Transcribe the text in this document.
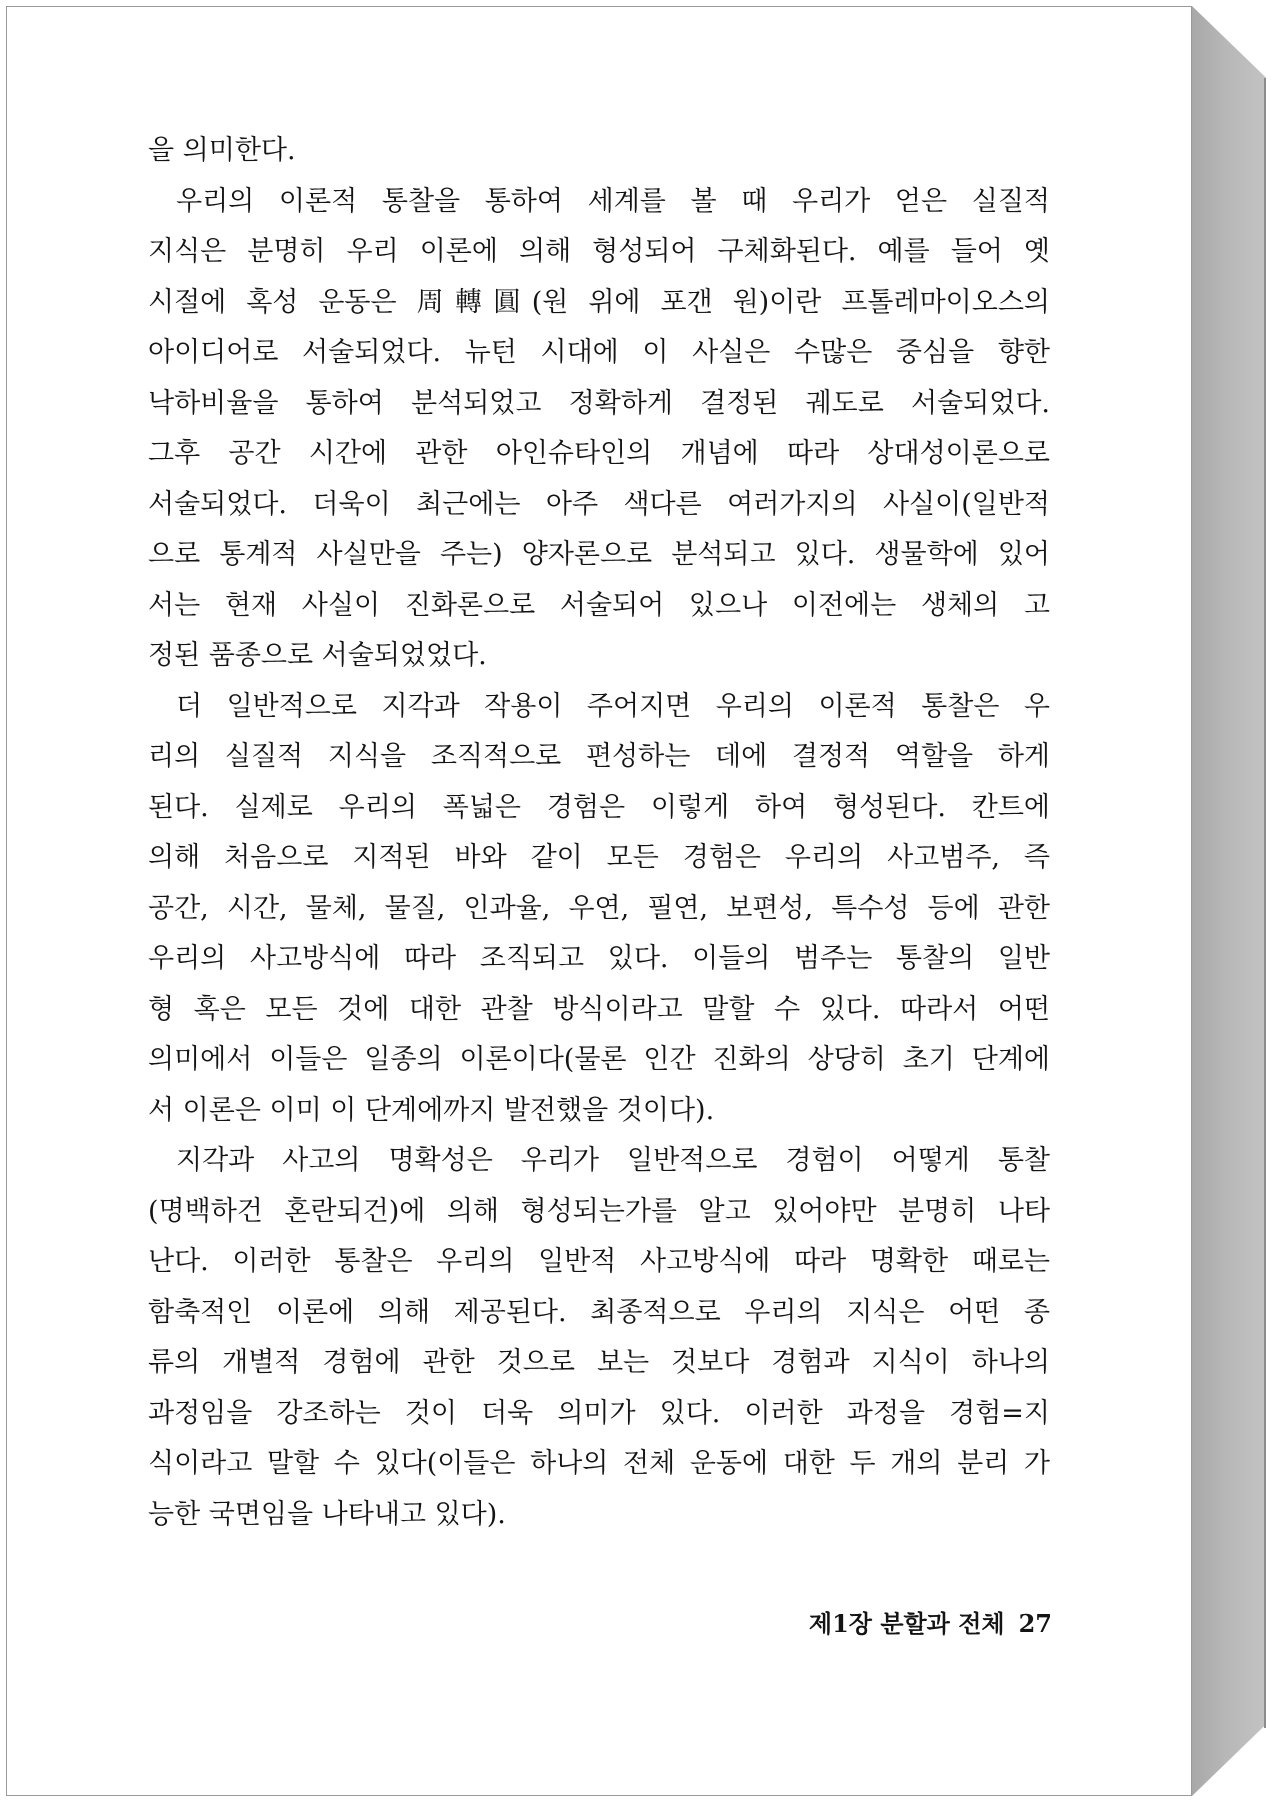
을 의미한다.
우리의 이론적 통찰을 통하여 세계를 볼 때 우리가 얻은 실질적
지식은 분명히 우리 이론에 의해 형성되어 구체화된다. 예를 들어 옛
시절에 혹성 운동은 周轉圓(원 위에 포갠 원)이란 프톨레마이오스의
아이디어로 서술되었다. 뉴턴 시대에 이 사실은 수많은 중심을 향한
낙하비율을 통하여 분석되었고 정확하게 결정된 궤도로 서술되었다.
그후 공간 시간에 관한 아인슈타인의 개념에 따라 상대성이론으로
서술되었다. 더욱이 최근에는 아주 색다른 여러가지의 사실이(일반적
으로 통계적 사실만을 주는) 양자론으로 분석되고 있다. 생물학에 있어
서는 현재 사실이 진화론으로 서술되어 있으나 이전에는 생체의 고
정된 품종으로 서술되었었다.
더 일반적으로 지각과 작용이 주어지면 우리의 이론적 통찰은 우
리의 실질적 지식을 조직적으로 편성하는 데에 결정적 역할을 하게
된다. 실제로 우리의 폭넓은 경험은 이렇게 하여 형성된다. 칸트에
의해 처음으로 지적된 바와 같이 모든 경험은 우리의 사고범주, 즉
공간, 시간, 물체, 물질, 인과율, 우연, 필연, 보편성, 특수성 등에 관한
우리의 사고방식에 따라 조직되고 있다. 이들의 범주는 통찰의 일반
형 혹은 모든 것에 대한 관찰 방식이라고 말할 수 있다. 따라서 어떤
의미에서 이들은 일종의 이론이다(물론 인간 진화의 상당히 초기 단계에
서 이론은 이미 이 단계에까지 발전했을 것이다).
지각과 사고의 명확성은 우리가 일반적으로 경험이 어떻게 통찰
(명백하건 혼란되건)에 의해 형성되는가를 알고 있어야만 분명히 나타
난다. 이러한 통찰은 우리의 일반적 사고방식에 따라 명확한 때로는
함축적인 이론에 의해 제공된다. 최종적으로 우리의 지식은 어떤 종
류의 개별적 경험에 관한 것으로 보는 것보다 경험과 지식이 하나의
과정임을 강조하는 것이 더욱 의미가 있다. 이러한 과정을 경험=지
식이라고 말할 수 있다(이들은 하나의 전체 운동에 대한 두 개의 분리 가
능한 국면임을 나타내고 있다).
제1장 분할과 전체 27
